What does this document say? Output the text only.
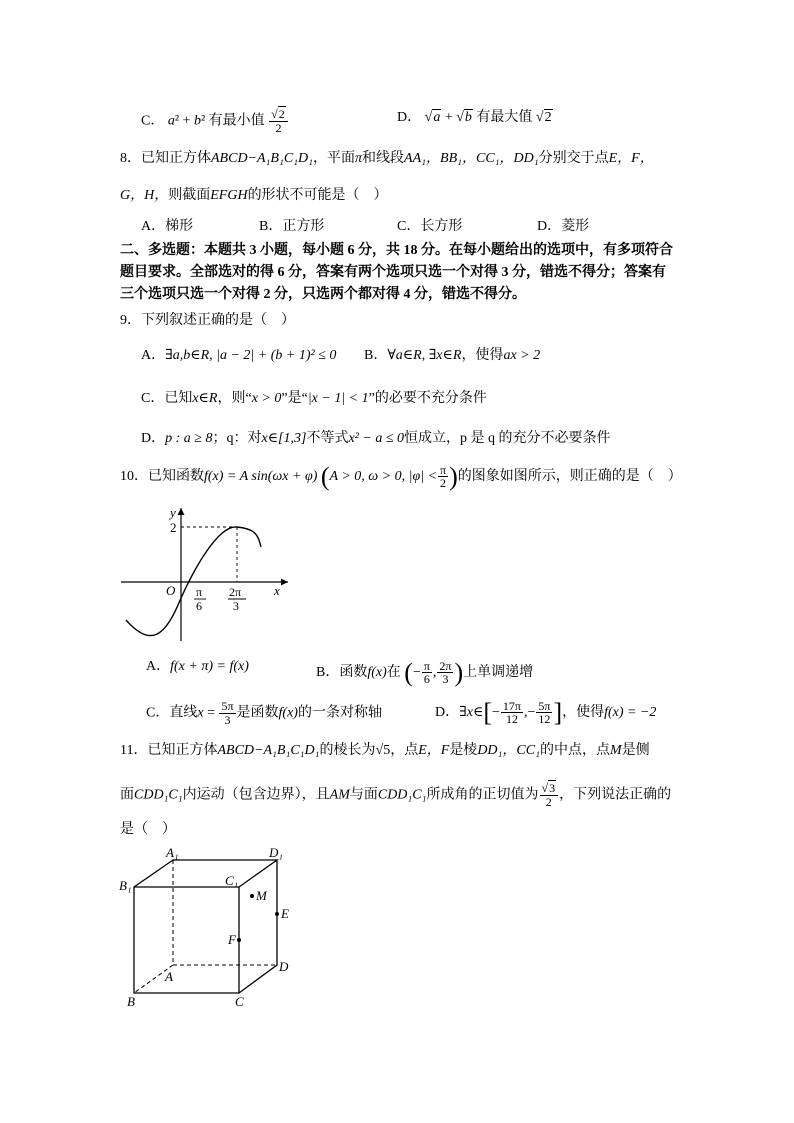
C． a² + b² 有最小值 $\frac{√2}{2}$	D． √a + √b 有最大值 √2
8．已知正方体ABCD−A₁B₁C₁D₁，平面π和线段AA₁，BB₁，CC₁，DD₁分别交于点E，F，
G，H，则截面EFGH的形状不可能是（　）
A．梯形	B．正方形	C．长方形	D．菱形
二、多选题：本题共 3 小题，每小题 6 分，共 18 分。在每小题给出的选项中，有多项符合
题目要求。全部选对的得 6 分，答案有两个选项只选一个对得 3 分，错选不得分；答案有
三个选项只选一个对得 2 分，只选两个都对得 4 分，错选不得分。
9．下列叙述正确的是（　）
A．∃a,b∈R, |a − 2| + (b + 1)² ≤ 0 B．∀a∈R, ∃x∈R，使得ax > 2
C．已知x∈R，则“x > 0”是“|x − 1| < 1”的必要不充分条件
D．p : a ≥ 8；q：对x∈[1,3]不等式x² − a ≤ 0恒成立，p 是 q 的充分不必要条件
10．已知函数f(x) = A sin(ωx + φ) (A > 0, ω > 0, $|\varphi| < \frac{\pi}{2}$ )的图象如图所示，则正确的是（　）
y
x
O
2
π
6
2π
3
A．f(x + π) = f(x)	B．函数f(x)在 (− $\frac{\pi}{6}$ , $\frac{2\pi}{3}$ )上单调递增
C．直线$x = \frac{5\pi}{3}$ 是函数f(x)的一条对称轴	D．∃x∈[− $\frac{17\pi}{12}$ ,− $\frac{5\pi}{12}$ ]，使得f(x) = −2
11．已知正方体ABCD−A₁B₁C₁D₁的棱长为√5，点E，F是棱DD₁，CC₁的中点，点M是侧
面CDD₁C₁内运动（包含边界），且AM与面CDD₁C₁所成角的正切值为 $\frac{√3}{2}$ ，下列说法正确的
是（　）
A₁	D₁
B₁	C₁
M
E
F
A
D
B	C
